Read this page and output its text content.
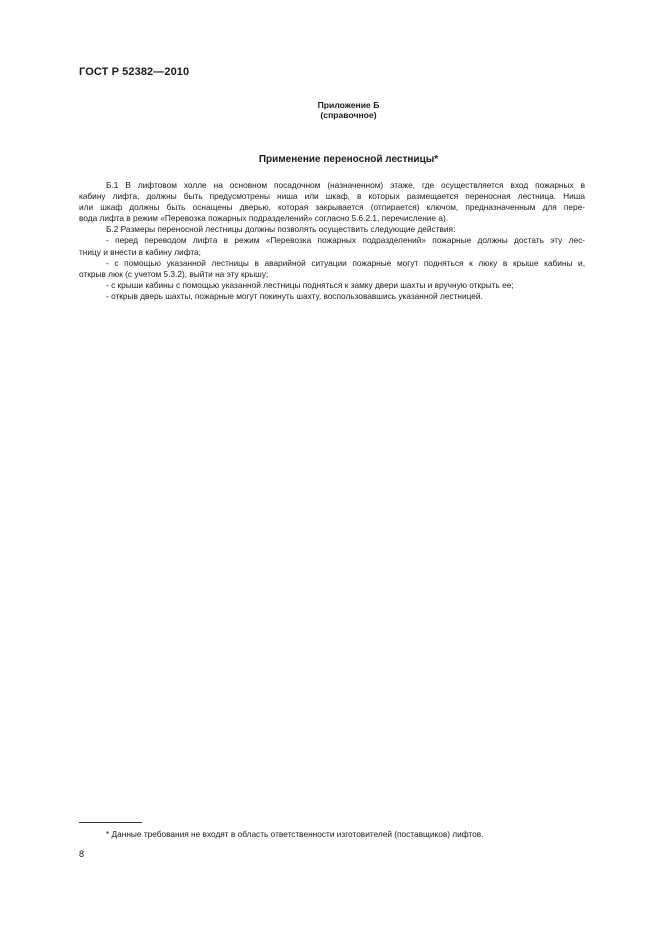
ГОСТ Р 52382—2010
Приложение Б
(справочное)
Применение переносной лестницы*
Б.1 В лифтовом холле на основном посадочном (назначенном) этаже, где осуществляется вход пожарных в
кабину лифта, должны быть предусмотрены ниша или шкаф, в которых размещается переносная лестница. Ниша
или шкаф должны быть оснащены дверью, которая закрывается (отпирается) ключом, предназначенным для пере-
вода лифта в режим «Перевозка пожарных подразделений» согласно 5.6.2.1, перечисление а).
Б.2 Размеры переносной лестницы должны позволять осуществить следующие действия:
- перед переводом лифта в режим «Перевозка пожарных подразделений» пожарные должны достать эту лес-
тницу и внести в кабину лифта;
- с помощью указанной лестницы в аварийной ситуации пожарные могут подняться к люку в крыше кабины и,
открыв люк (с учетом 5.3.2), выйти на эту крышу;
- с крыши кабины с помощью указанной лестницы подняться к замку двери шахты и вручную открыть ее;
- открыв дверь шахты, пожарные могут покинуть шахту, воспользовавшись указанной лестницей.
* Данные требования не входят в область ответственности изготовителей (поставщиков) лифтов.
8
